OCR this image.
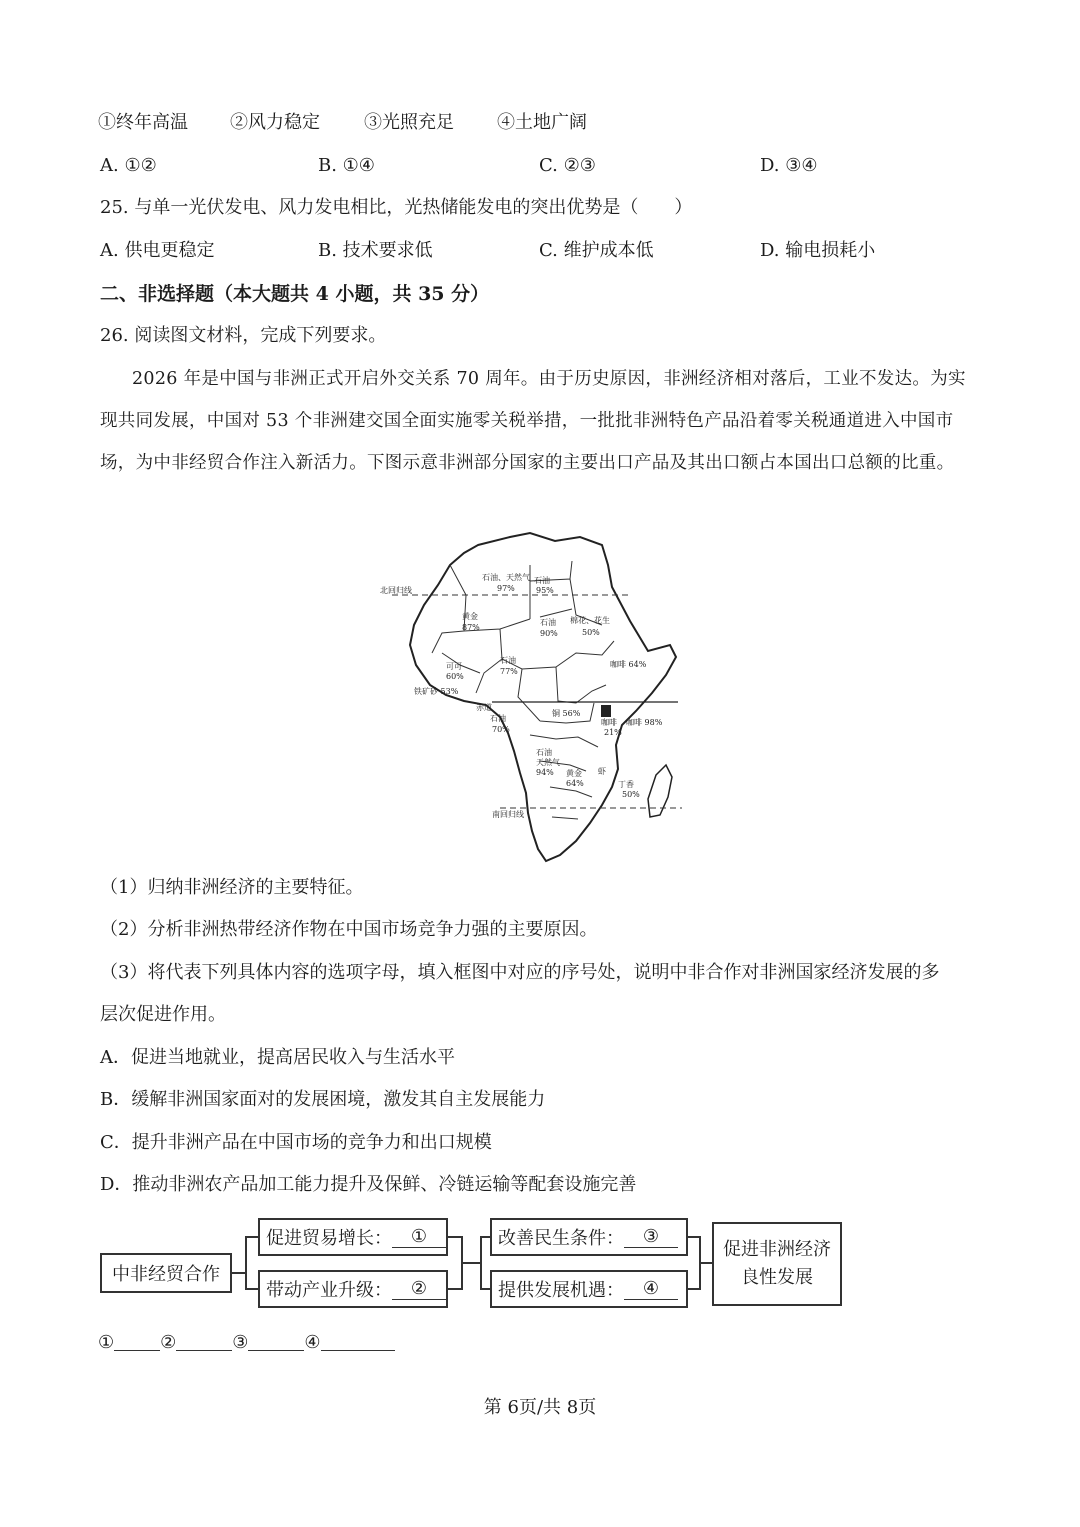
①终年高温 ②风力稳定 ③光照充足 ④土地广阔
A. ①②	B. ①④	C. ②③	D. ③④
25. 与单一光伏发电、风力发电相比，光热储能发电的突出优势是（　　）
A. 供电更稳定	B. 技术要求低	C. 维护成本低	D. 输电损耗小
二、非选择题（本大题共 4 小题，共 35 分）
26. 阅读图文材料，完成下列要求。
2026 年是中国与非洲正式开启外交关系 70 周年。由于历史原因，非洲经济相对落后，工业不发达。为实现共同发展，中国对 53 个非洲建交国全面实施零关税举措，一批批非洲特色产品沿着零关税通道进入中国市场，为中非经贸合作注入新活力。下图示意非洲部分国家的主要出口产品及其出口额占本国出口总额的比重。
北回归线
赤道
南回归线
石油、天然气
97%
石油
95%
黄金
87%
石油
90%
棉花、花生
50%
咖啡 64%
可可
60%
石油
77%
铁矿砂 53%
石油
70%
铜 56%
咖啡
21%
咖啡 98%
石油
天然气
94% 黄金
64%
虾
丁香
50%
（1）归纳非洲经济的主要特征。
（2）分析非洲热带经济作物在中国市场竞争力强的主要原因。
（3）将代表下列具体内容的选项字母，填入框图中对应的序号处，说明中非合作对非洲国家经济发展的多
层次促进作用。
A．促进当地就业，提高居民收入与生活水平
B．缓解非洲国家面对的发展困境，激发其自主发展能力
C．提升非洲产品在中国市场的竞争力和出口规模
D．推动非洲农产品加工能力提升及保鲜、冷链运输等配套设施完善
中非经贸合作
促进贸易增长：	①
带动产业升级：	②
改善民生条件：	③
提供发展机遇：	④
促进非洲经济
良性发展
①	②	③	④
第 6页/共 8页
